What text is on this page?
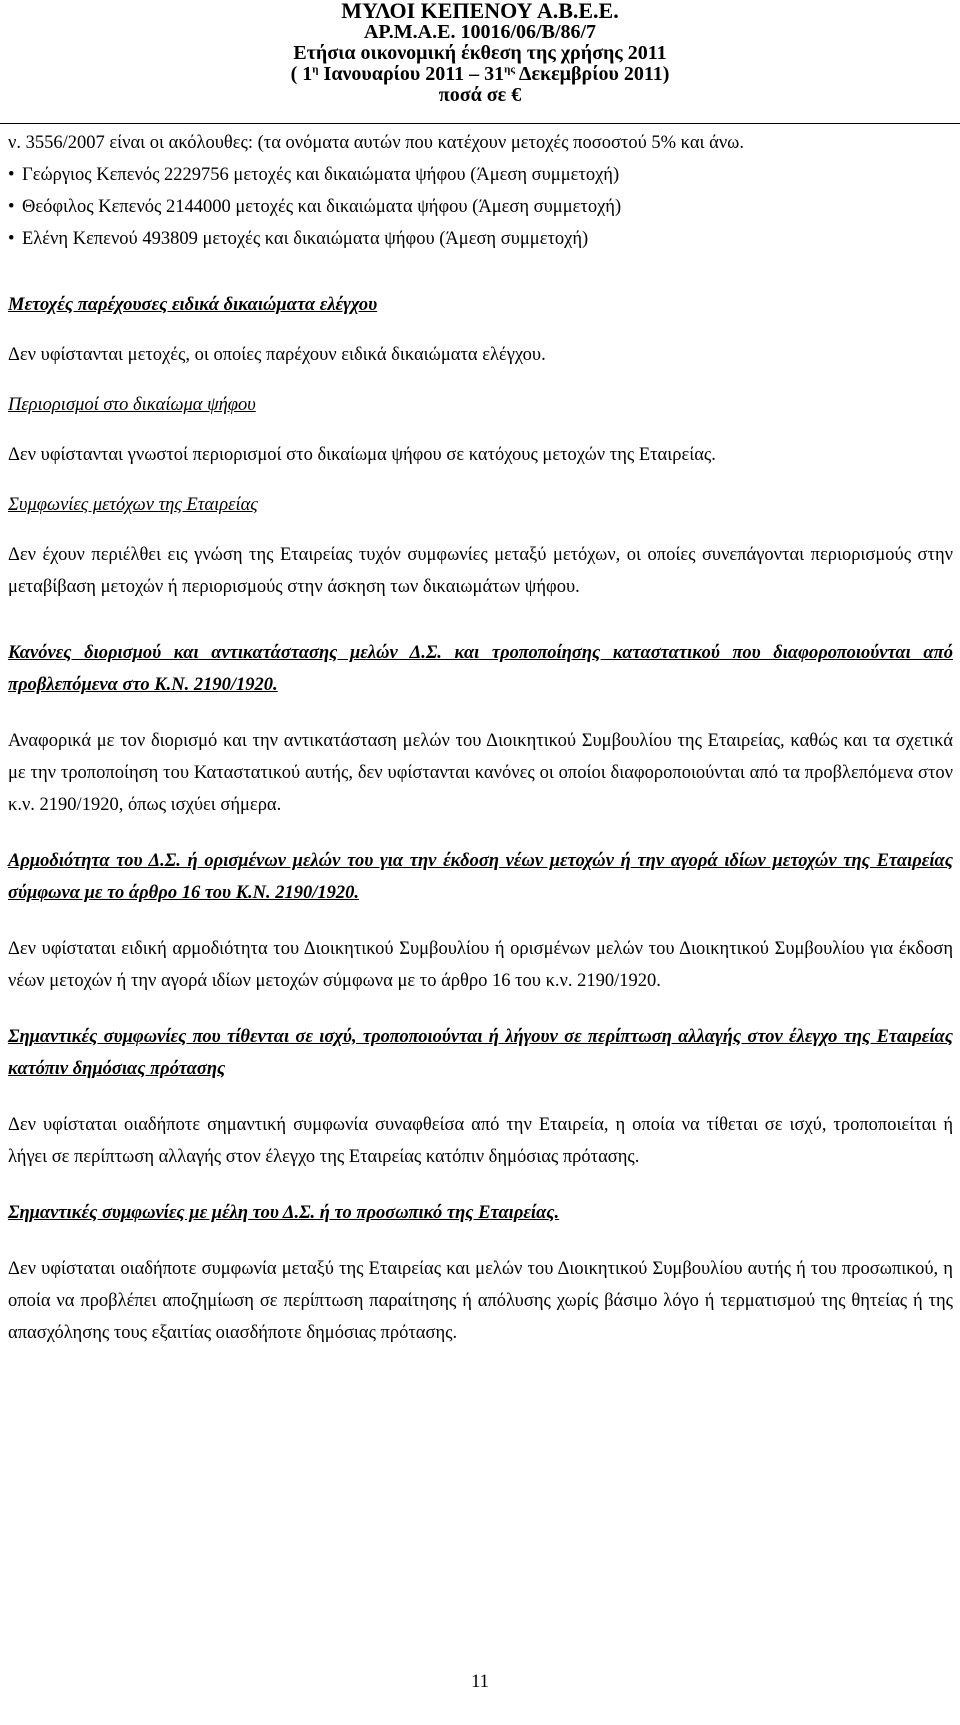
ΜΥΛΟΙ ΚΕΠΕΝΟΥ Α.Β.Ε.Ε.
ΑΡ.Μ.Α.Ε. 10016/06/Β/86/7
Ετήσια οικονομική έκθεση της χρήσης 2011
( $1^\eta$ Ιανουαρίου $2011 - 31^{\eta\varsigma}$ Δεκεμβρίου 2011)
ποσά σε €

ν. 3556/2007 είναι οι ακόλουθες: (τα ονόματα αυτών που κατέχουν μετοχές ποσοστού 5% και άνω.

• Γεώργιος Κεπενός 2229756 μετοχές και δικαιώματα ψήφου (Άμεση συμμετοχή)
• Θεόφιλος Κεπενός 2144000 μετοχές και δικαιώματα ψήφου (Άμεση συμμετοχή)
• Ελένη Κεπενού 493809 μετοχές και δικαιώματα ψήφου (Άμεση συμμετοχή)

Μετοχές παρέχουσες ειδικά δικαιώματα ελέγχου

Δεν υφίστανται μετοχές, οι οποίες παρέχουν ειδικά δικαιώματα ελέγχου.

Περιορισμοί στο δικαίωμα ψήφου

Δεν υφίστανται γνωστοί περιορισμοί στο δικαίωμα ψήφου σε κατόχους μετοχών της Εταιρείας.

Συμφωνίες μετόχων της Εταιρείας

Δεν έχουν περιέλθει εις γνώση της Εταιρείας τυχόν συμφωνίες μεταξύ μετόχων, οι οποίες συνεπάγονται περιορισμούς στην μεταβίβαση μετοχών ή περιορισμούς στην άσκηση των δικαιωμάτων ψήφου.

Κανόνες διορισμού και αντικατάστασης μελών Δ.Σ. και τροποποίησης καταστατικού που διαφοροποιούνται από προβλεπόμενα στο Κ.Ν. 2190/1920.

Αναφορικά με τον διορισμό και την αντικατάσταση μελών του Διοικητικού Συμβουλίου της Εταιρείας, καθώς και τα σχετικά με την τροποποίηση του Καταστατικού αυτής, δεν υφίστανται κανόνες οι οποίοι διαφοροποιούνται από τα προβλεπόμενα στον κ.ν. 2190/1920, όπως ισχύει σήμερα.

Αρμοδιότητα του Δ.Σ. ή ορισμένων μελών του για την έκδοση νέων μετοχών ή την αγορά ιδίων μετοχών της Εταιρείας σύμφωνα με το άρθρο 16 του Κ.Ν. 2190/1920.

Δεν υφίσταται ειδική αρμοδιότητα του Διοικητικού Συμβουλίου ή ορισμένων μελών του Διοικητικού Συμβουλίου για έκδοση νέων μετοχών ή την αγορά ιδίων μετοχών σύμφωνα με το άρθρο 16 του κ.ν. 2190/1920.

Σημαντικές συμφωνίες που τίθενται σε ισχύ, τροποποιούνται ή λήγουν σε περίπτωση αλλαγής στον έλεγχο της Εταιρείας κατόπιν δημόσιας πρότασης

Δεν υφίσταται οιαδήποτε σημαντική συμφωνία συναφθείσα από την Εταιρεία, η οποία να τίθεται σε ισχύ, τροποποιείται ή λήγει σε περίπτωση αλλαγής στον έλεγχο της Εταιρείας κατόπιν δημόσιας πρότασης.

Σημαντικές συμφωνίες με μέλη του Δ.Σ. ή το προσωπικό της Εταιρείας.

Δεν υφίσταται οιαδήποτε συμφωνία μεταξύ της Εταιρείας και μελών του Διοικητικού Συμβουλίου αυτής ή του προσωπικού, η οποία να προβλέπει αποζημίωση σε περίπτωση παραίτησης ή απόλυσης χωρίς βάσιμο λόγο ή τερματισμού της θητείας ή της απασχόλησης τους εξαιτίας οιασδήποτε δημόσιας πρότασης.

11
